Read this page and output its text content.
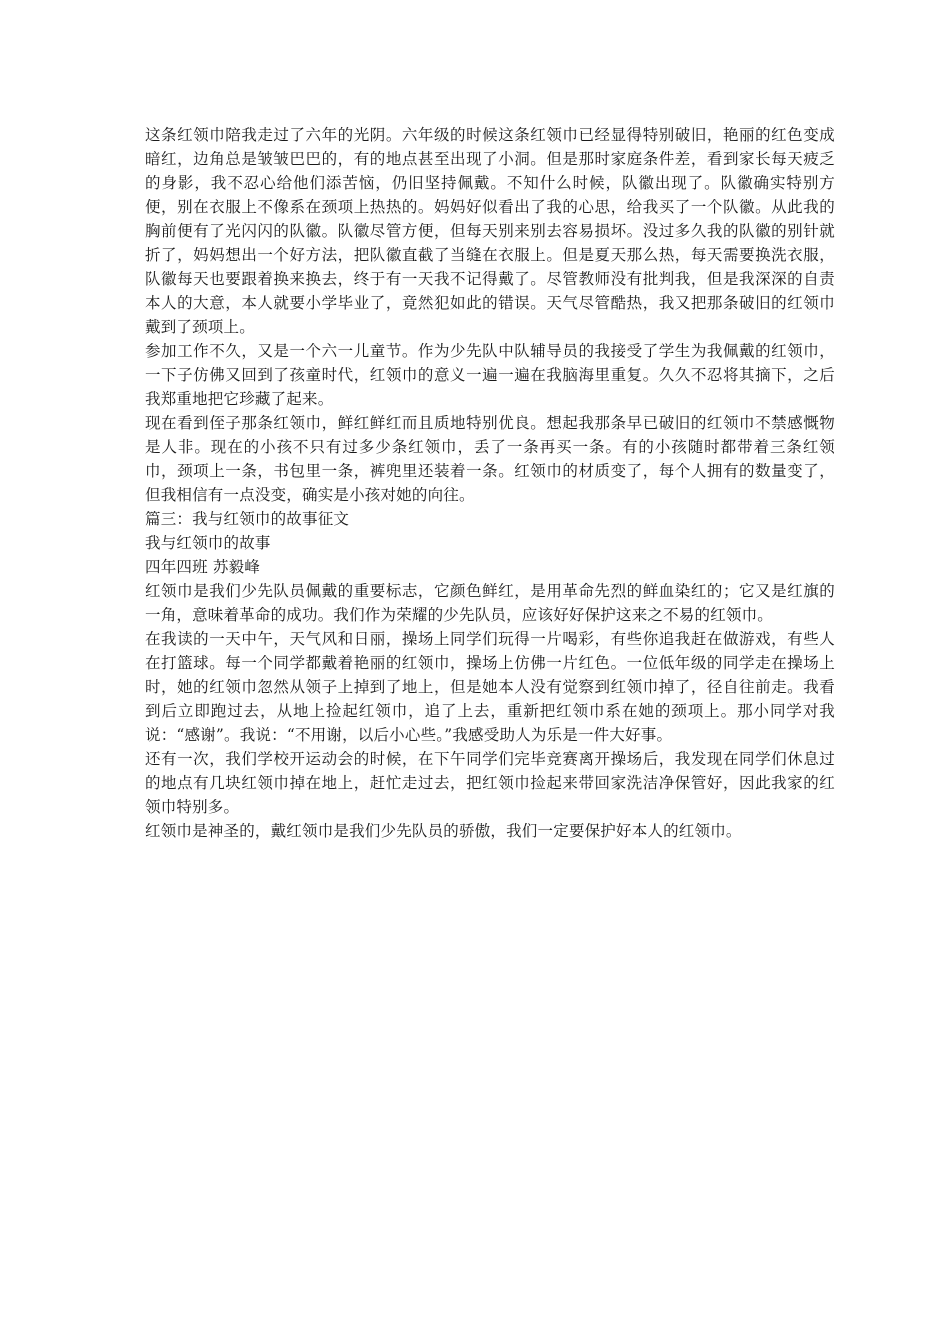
这条红领巾陪我走过了六年的光阴。六年级的时候这条红领巾已经显得特别破旧，艳丽的红色变成暗红，边角总是皱皱巴巴的，有的地点甚至出现了小洞。但是那时家庭条件差，看到家长每天疲乏的身影，我不忍心给他们添苦恼，仍旧坚持佩戴。不知什么时候，队徽出现了。队徽确实特别方便，别在衣服上不像系在颈项上热热的。妈妈好似看出了我的心思，给我买了一个队徽。从此我的胸前便有了光闪闪的队徽。队徽尽管方便，但每天别来别去容易损坏。没过多久我的队徽的别针就折了，妈妈想出一个好方法，把队徽直截了当缝在衣服上。但是夏天那么热，每天需要换洗衣服，队徽每天也要跟着换来换去，终于有一天我不记得戴了。尽管教师没有批判我，但是我深深的自责本人的大意，本人就要小学毕业了，竟然犯如此的错误。天气尽管酷热，我又把那条破旧的红领巾戴到了颈项上。

参加工作不久，又是一个六一儿童节。作为少先队中队辅导员的我接受了学生为我佩戴的红领巾，一下子仿佛又回到了孩童时代，红领巾的意义一遍一遍在我脑海里重复。久久不忍将其摘下，之后我郑重地把它珍藏了起来。

现在看到侄子那条红领巾，鲜红鲜红而且质地特别优良。想起我那条早已破旧的红领巾不禁感慨物是人非。现在的小孩不只有过多少条红领巾，丢了一条再买一条。有的小孩随时都带着三条红领巾，颈项上一条，书包里一条，裤兜里还装着一条。红领巾的材质变了，每个人拥有的数量变了，但我相信有一点没变，确实是小孩对她的向往。

篇三：我与红领巾的故事征文

我与红领巾的故事

四年四班 苏毅峰

红领巾是我们少先队员佩戴的重要标志，它颜色鲜红，是用革命先烈的鲜血染红的；它又是红旗的一角，意味着革命的成功。我们作为荣耀的少先队员，应该好好保护这来之不易的红领巾。

在我读的一天中午，天气风和日丽，操场上同学们玩得一片喝彩，有些你追我赶在做游戏，有些人在打篮球。每一个同学都戴着艳丽的红领巾，操场上仿佛一片红色。一位低年级的同学走在操场上时，她的红领巾忽然从领子上掉到了地上，但是她本人没有觉察到红领巾掉了，径自往前走。我看到后立即跑过去，从地上捡起红领巾，追了上去，重新把红领巾系在她的颈项上。那小同学对我说：“感谢”。我说：“不用谢，以后小心些。”我感受助人为乐是一件大好事。

还有一次，我们学校开运动会的时候，在下午同学们完毕竞赛离开操场后，我发现在同学们休息过的地点有几块红领巾掉在地上，赶忙走过去，把红领巾捡起来带回家洗洁净保管好，因此我家的红领巾特别多。

红领巾是神圣的，戴红领巾是我们少先队员的骄傲，我们一定要保护好本人的红领巾。
